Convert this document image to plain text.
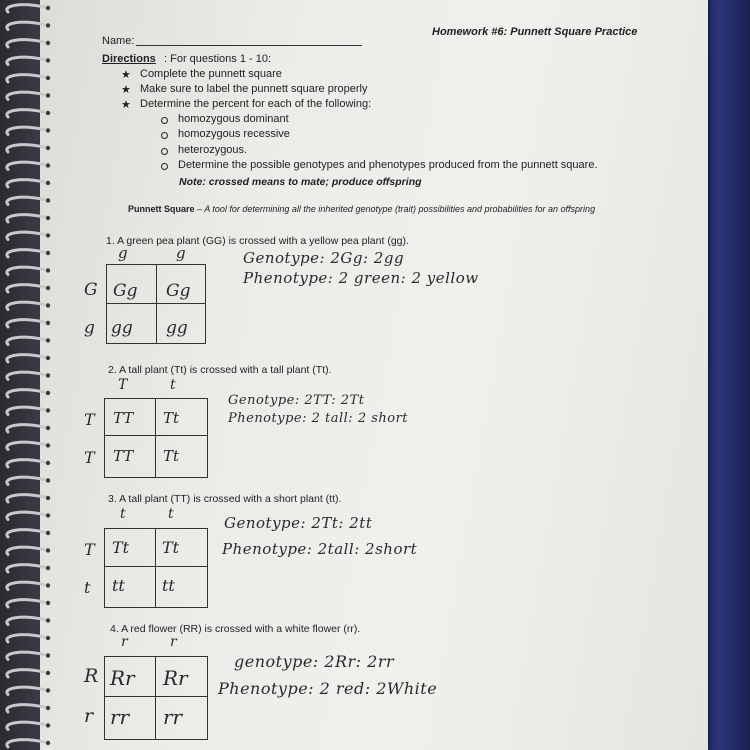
Name:
Homework #6: Punnett Square Practice
Directions : For questions 1 - 10:
★ Complete the punnett square
★ Make sure to label the punnett square properly
★ Determine the percent for each of the following:
homozygous dominant
homozygous recessive
heterozygous.
Determine the possible genotypes and phenotypes produced from the punnett square.
Note: crossed means to mate; produce offspring
Punnett Square – A tool for determining all the inherited genotype (trait) possibilities and probabilities for an offspring
1. A green pea plant (GG) is crossed with a yellow pea plant (gg).
g	g
G
g
Gg Gg
gg gg
Genotype: 2Gg: 2gg
Phenotype: 2 green: 2 yellow
2. A tall plant (Tt) is crossed with a tall plant (Tt).
T	t
T
T
TT Tt
TT Tt
Genotype: 2TT: 2Tt
Phenotype: 2 tall: 2 short
3. A tall plant (TT) is crossed with a short plant (tt).
t	t
T
t
Tt Tt
tt tt
Genotype: 2Tt: 2tt
Phenotype: 2tall: 2short
4. A red flower (RR) is crossed with a white flower (rr).
r	r
R
r
Rr Rr
rr rr
genotype: 2Rr: 2rr
Phenotype: 2 red: 2White
